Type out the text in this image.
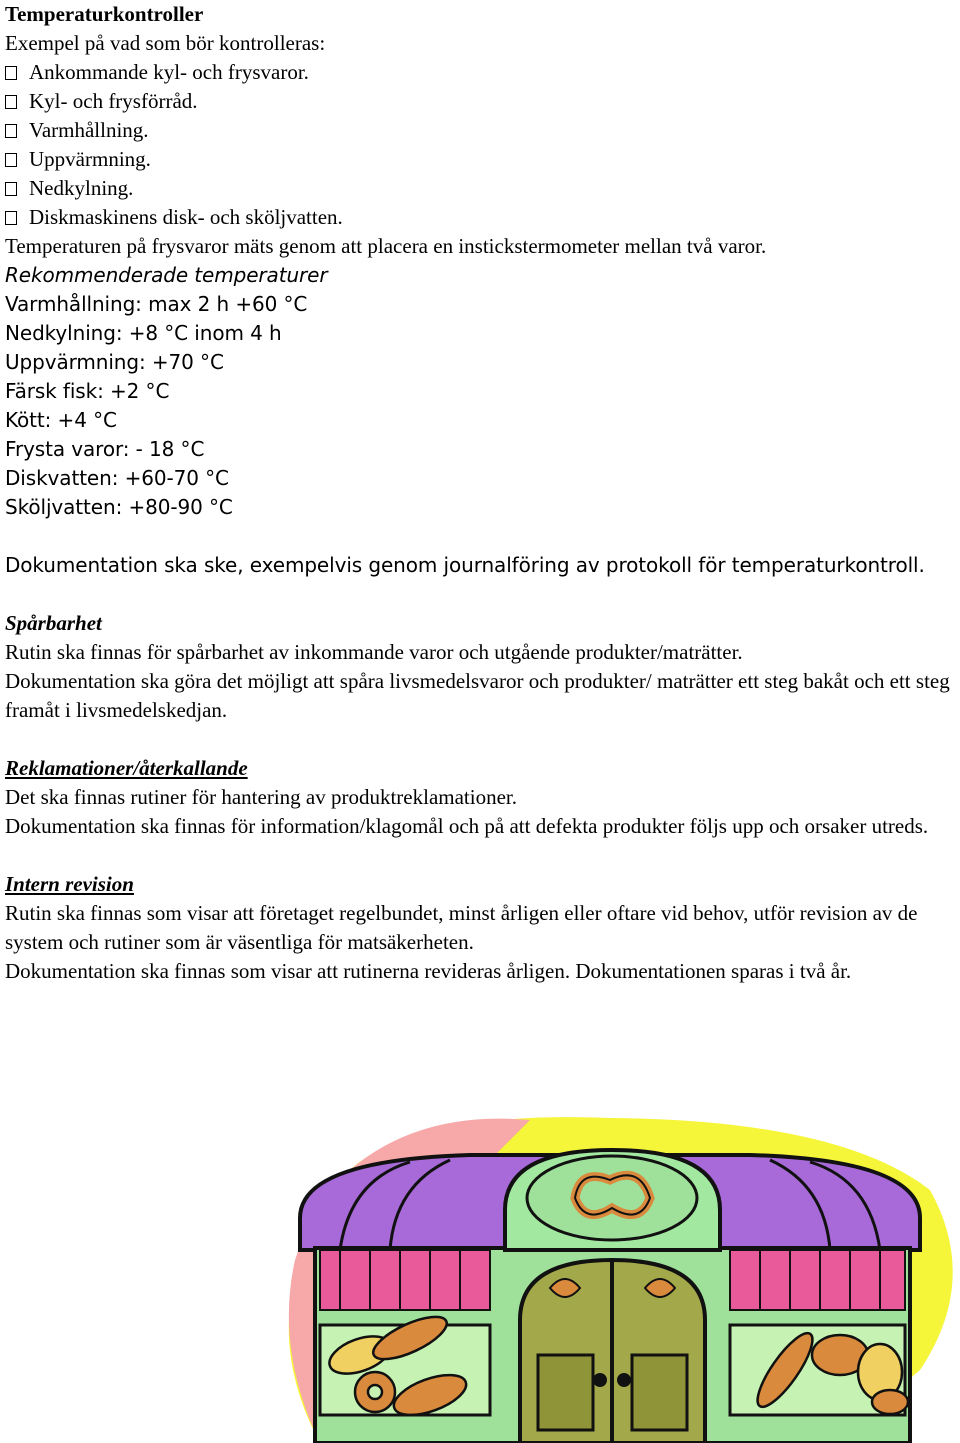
Temperaturkontroller

Exempel på vad som bör kontrolleras:

Ankommande kyl- och frysvaror.

Kyl- och frysförråd.

Varmhållning.

Uppvärmning.

Nedkylning.

Diskmaskinens disk- och sköljvatten.

Temperaturen på frysvaror mäts genom att placera en instickstermometer mellan två varor.

Rekommenderade temperaturer

Varmhållning: max 2 h +60 °C

Nedkylning: +8 °C inom 4 h

Uppvärmning: +70 °C

Färsk fisk: +2 °C

Kött: +4 °C

Frysta varor: - 18 °C

Diskvatten: +60-70 °C

Sköljvatten: +80-90 °C

Dokumentation ska ske, exempelvis genom journalföring av protokoll för temperaturkontroll.

Spårbarhet

Rutin ska finnas för spårbarhet av inkommande varor och utgående produkter/maträtter.

Dokumentation ska göra det möjligt att spåra livsmedelsvaror och produkter/ maträtter ett steg bakåt och ett steg framåt i livsmedelskedjan.

Reklamationer/återkallande

Det ska finnas rutiner för hantering av produktreklamationer.

Dokumentation ska finnas för information/klagomål och på att defekta produkter följs upp och orsaker utreds.

Intern revision

Rutin ska finnas som visar att företaget regelbundet, minst årligen eller oftare vid behov, utför revision av de system och rutiner som är väsentliga för matsäkerheten.

Dokumentation ska finnas som visar att rutinerna revideras årligen. Dokumentationen sparas i två år.
